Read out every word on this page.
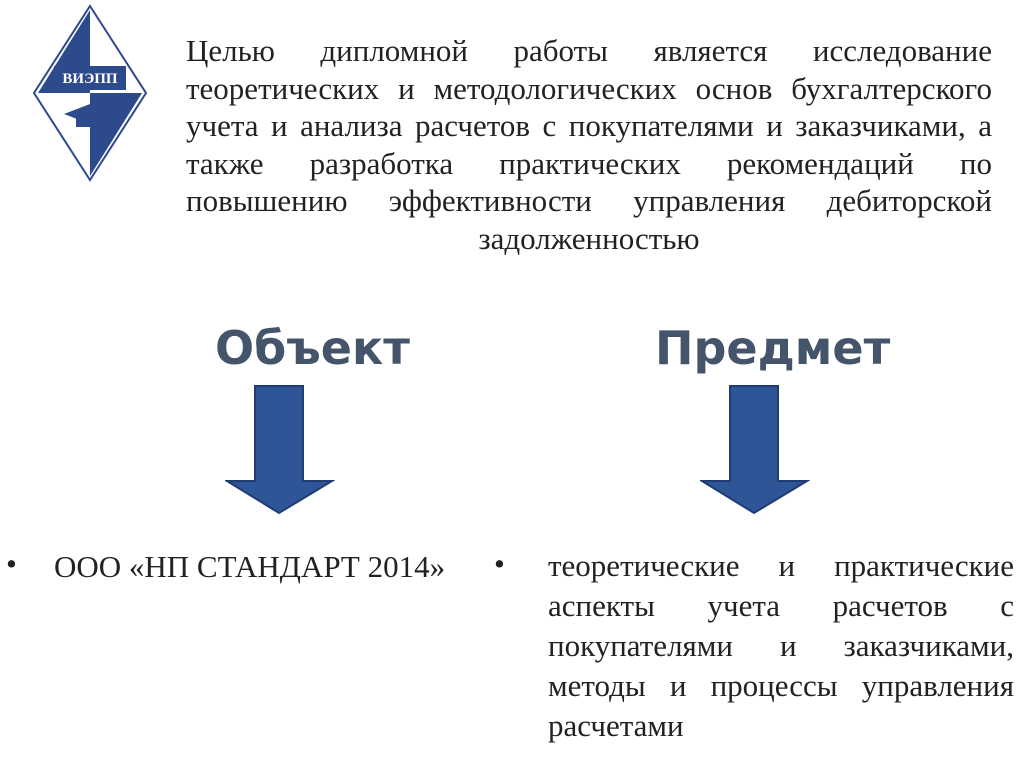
ВИЭПП

Целью дипломной работы является исследование теоретических и методологических основ бухгалтерского учета и анализа расчетов с покупателями и заказчиками, а также разработка практических рекомендаций по повышению эффективности управления дебиторской задолженностью

Объект	Предмет
• ООО «НП СТАНДАРТ 2014» • теоретические и практические аспекты учета расчетов с покупателями и заказчиками, методы и процессы управления расчетами
